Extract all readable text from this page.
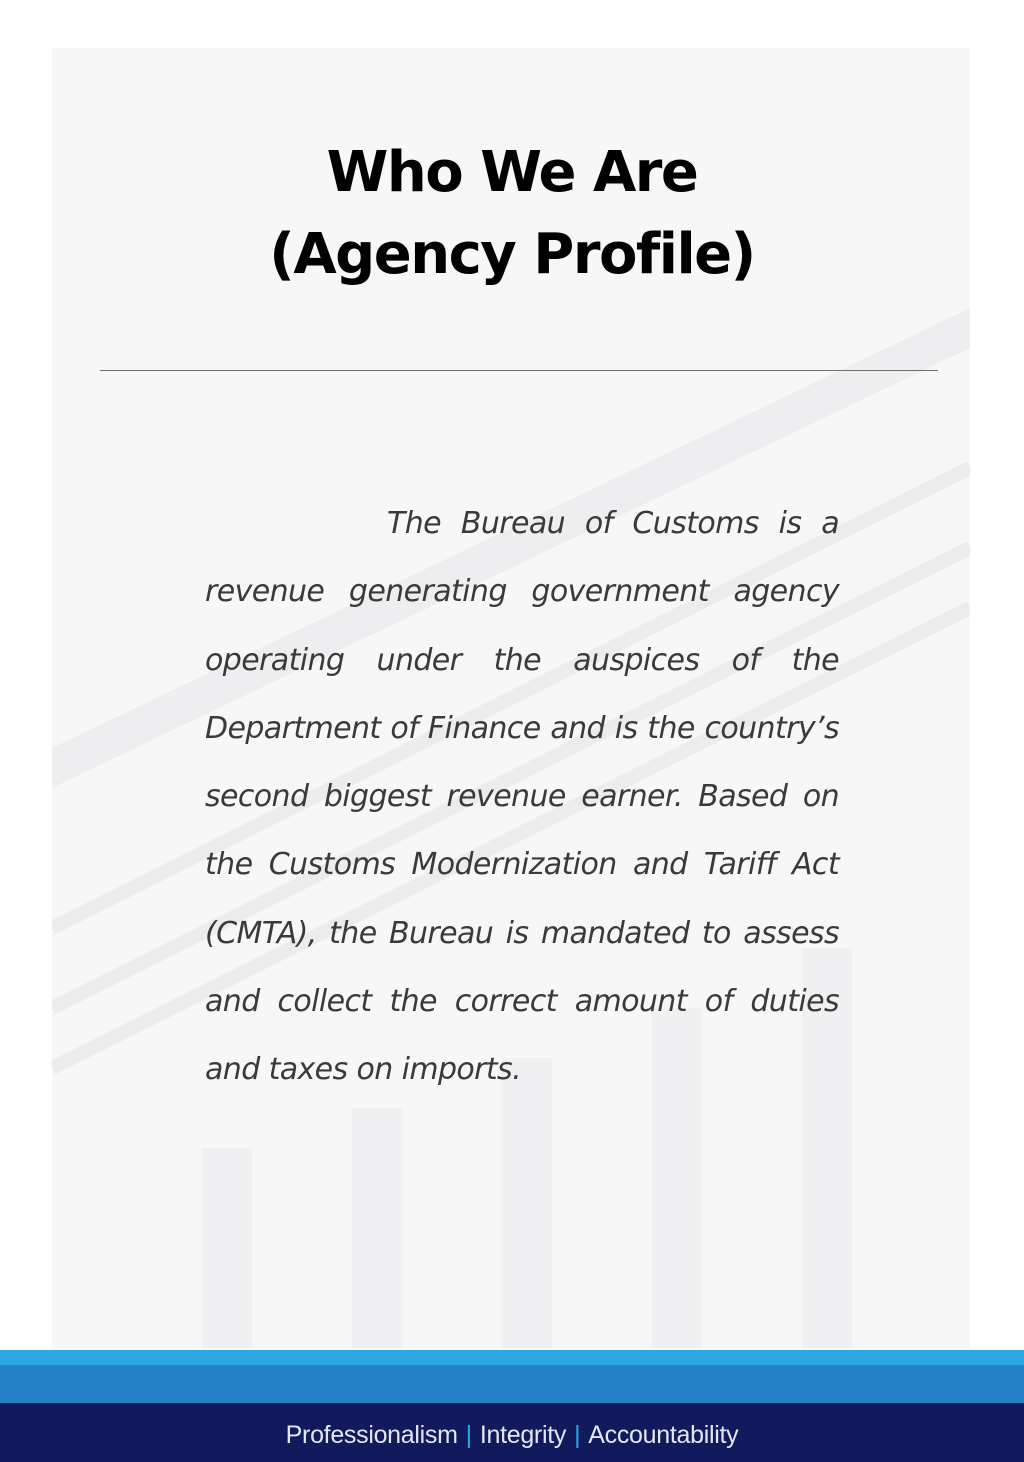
Who We Are
(Agency Profile)

The Bureau of Customs is a revenue generating government agency operating under the auspices of the Department of Finance and is the country’s second biggest revenue earner. Based on the Customs Modernization and Tariff Act (CMTA), the Bureau is mandated to assess and collect the correct amount of duties and taxes on imports.

Professionalism | Integrity | Accountability
